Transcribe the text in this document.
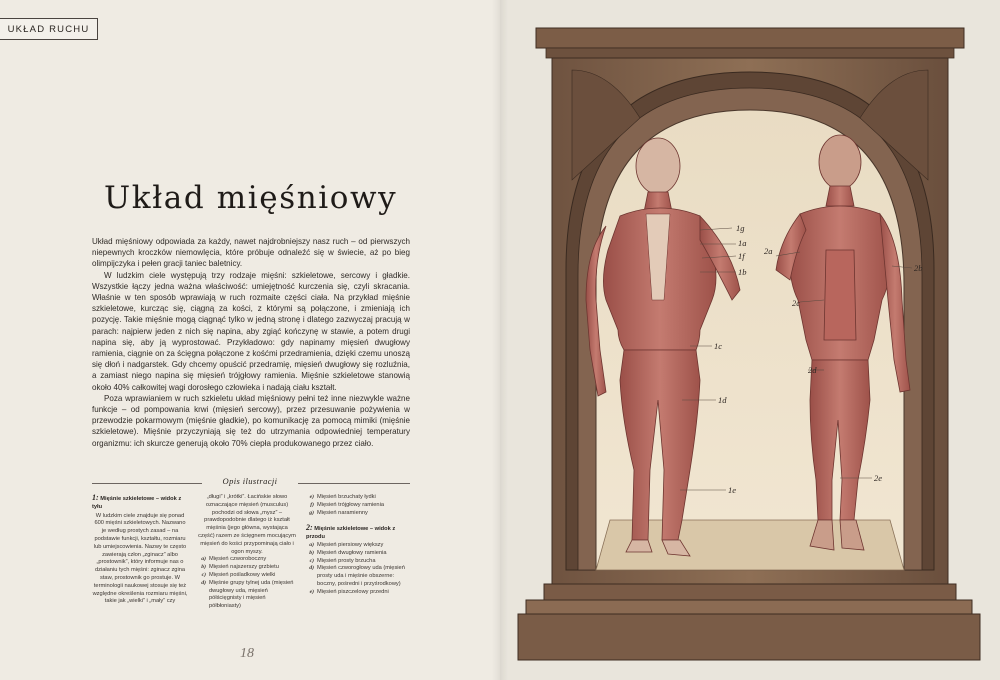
UKŁAD RUCHU
Układ mięśniowy

Układ mięśniowy odpowiada za każdy, nawet najdrobniejszy nasz ruch – od pierwszych niepewnych kroczków niemowlęcia, które próbuje odnaleźć się w świecie, aż po bieg olimpijczyka i pełen gracji taniec baletnicy.

W ludzkim ciele występują trzy rodzaje mięśni: szkieletowe, sercowy i gładkie. Wszystkie łączy jedna ważna właściwość: umiejętność kurczenia się, czyli skracania. Właśnie w ten sposób wprawiają w ruch rozmaite części ciała. Na przykład mięśnie szkieletowe, kurcząc się, ciągną za kości, z którymi są połączone, i zmieniają ich pozycję. Takie mięśnie mogą ciągnąć tylko w jedną stronę i dlatego zazwyczaj pracują w parach: najpierw jeden z nich się napina, aby zgiąć kończynę w stawie, a potem drugi napina się, aby ją wyprostować. Przykładowo: gdy napinamy mięsień dwugłowy ramienia, ciągnie on za ścięgna połączone z kośćmi przedramienia, dzięki czemu unoszą się dłoń i nadgarstek. Gdy chcemy opuścić przedramię, mięsień dwugłowy się rozluźnia, a zamiast niego napina się mięsień trójgłowy ramienia. Mięśnie szkieletowe stanowią około 40% całkowitej wagi dorosłego człowieka i nadają ciału kształt.

Poza wprawianiem w ruch szkieletu układ mięśniowy pełni też inne niezwykle ważne funkcje – od pompowania krwi (mięsień sercowy), przez przesuwanie pożywienia w przewodzie pokarmowym (mięśnie gładkie), po komunikację za pomocą mimiki (mięśnie szkieletowe). Mięśnie przyczyniają się też do utrzymania odpowiedniej temperatury organizmu: ich skurcze generują około 70% ciepła produkowanego przez ciało.

Opis ilustracji
1: Mięśnie szkieletowe – widok z tyłu
W ludzkim ciele znajduje się ponad 600 mięśni szkieletowych. Nazwano je według prostych zasad – na podstawie funkcji, kształtu, rozmiaru lub umiejscowienia. Nazwy te często zawierają człon „zginacz” albo „prostownik”, który informuje nas o działaniu tych mięśni: zginacz zgina staw, prostownik go prostuje. W terminologii naukowej stosuje się też względne określenia rozmiaru mięśni, takie jak „wielki” i „mały” czy
„długi” i „krótki”. Łacińskie słowo oznaczające mięsień (musculus) pochodzi od słowa „mysz” – prawdopodobnie dlatego iż kształt mięśnia (jego główna, wystająca część) razem ze ścięgnem mocującym mięsień do kości przypominają ciało i ogon myszy.
a) Mięsień czworoboczny
b) Mięsień najszerszy grzbietu
c) Mięsień pośladkowy wielki
d) Mięśnie grupy tylnej uda (mięsień dwugłowy uda, mięsień półścięgnisty i mięsień półbłoniasty)
e) Mięsień brzuchaty łydki
f) Mięsień trójgłowy ramienia
g) Mięsień naramienny
2: Mięśnie szkieletowe – widok z przodu
a) Mięsień piersiowy większy
b) Mięsień dwugłowy ramienia
c) Mięsień prosty brzucha
d) Mięsień czworogłowy uda (mięsień prosty uda i mięśnie obszerne: boczny, pośredni i przyśrodkowy)
e) Mięsień piszczelowy przedni
18
1g
1a
1f
1b
1c
1d
1e
2a
2b
2c
2d
2e
